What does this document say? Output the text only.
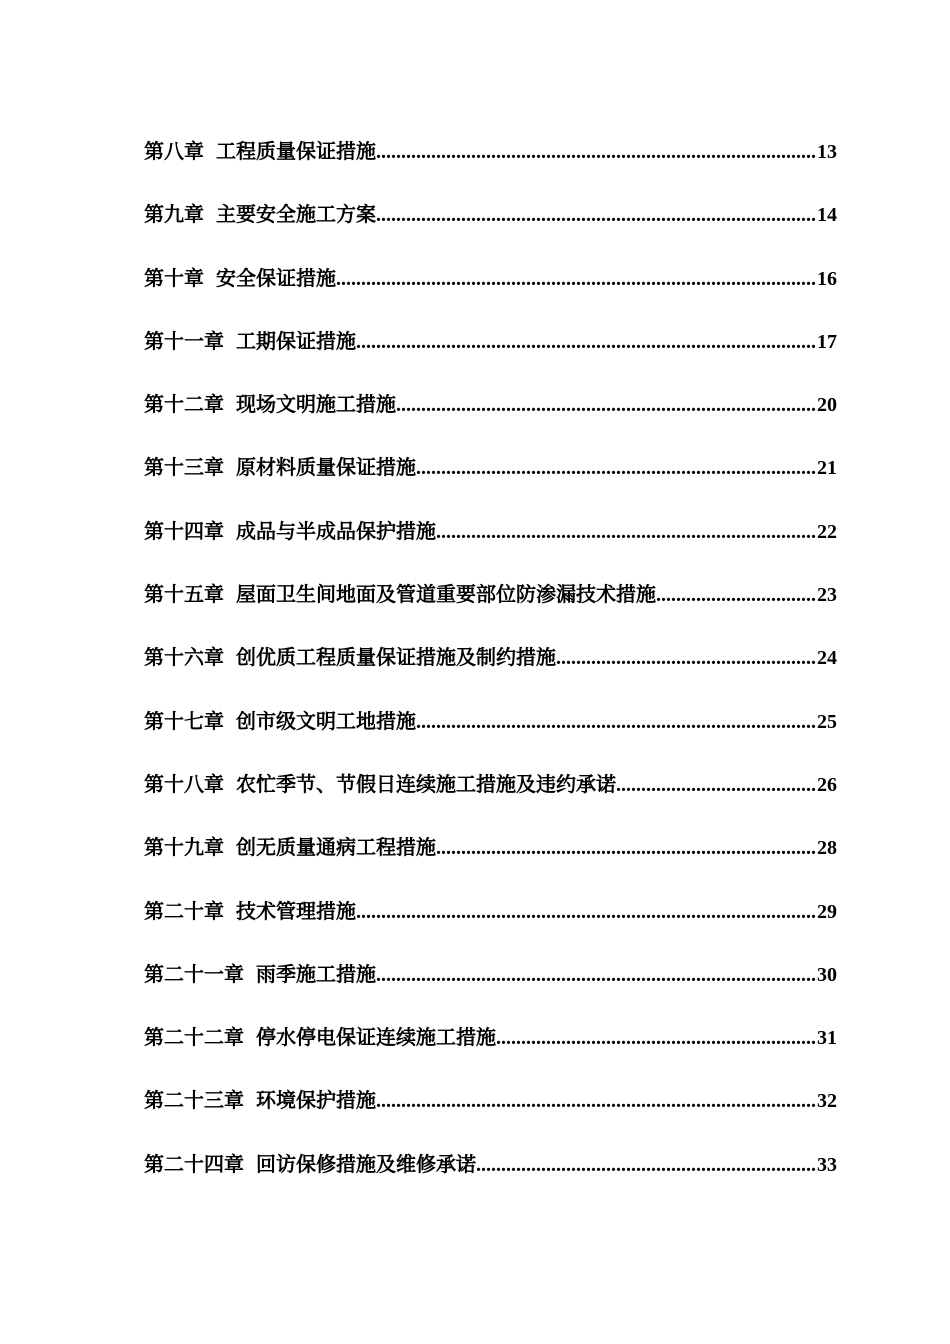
第八章 工程质量保证措施 .....	13
第九章 主要安全施工方案 .....	14
第十章 安全保证措施 .....	16
第十一章 工期保证措施 .....	17
第十二章 现场文明施工措施 .....	20
第十三章 原材料质量保证措施 .....	21
第十四章 成品与半成品保护措施 .....	22
第十五章 屋面卫生间地面及管道重要部位防渗漏技术措施 .....	23
第十六章 创优质工程质量保证措施及制约措施 .....	24
第十七章 创市级文明工地措施 .....	25
第十八章 农忙季节、节假日连续施工措施及违约承诺 .....	26
第十九章 创无质量通病工程措施 .....	28
第二十章 技术管理措施 .....	29
第二十一章 雨季施工措施 .....	30
第二十二章 停水停电保证连续施工措施 .....	31
第二十三章 环境保护措施 .....	32
第二十四章 回访保修措施及维修承诺 .....	33
